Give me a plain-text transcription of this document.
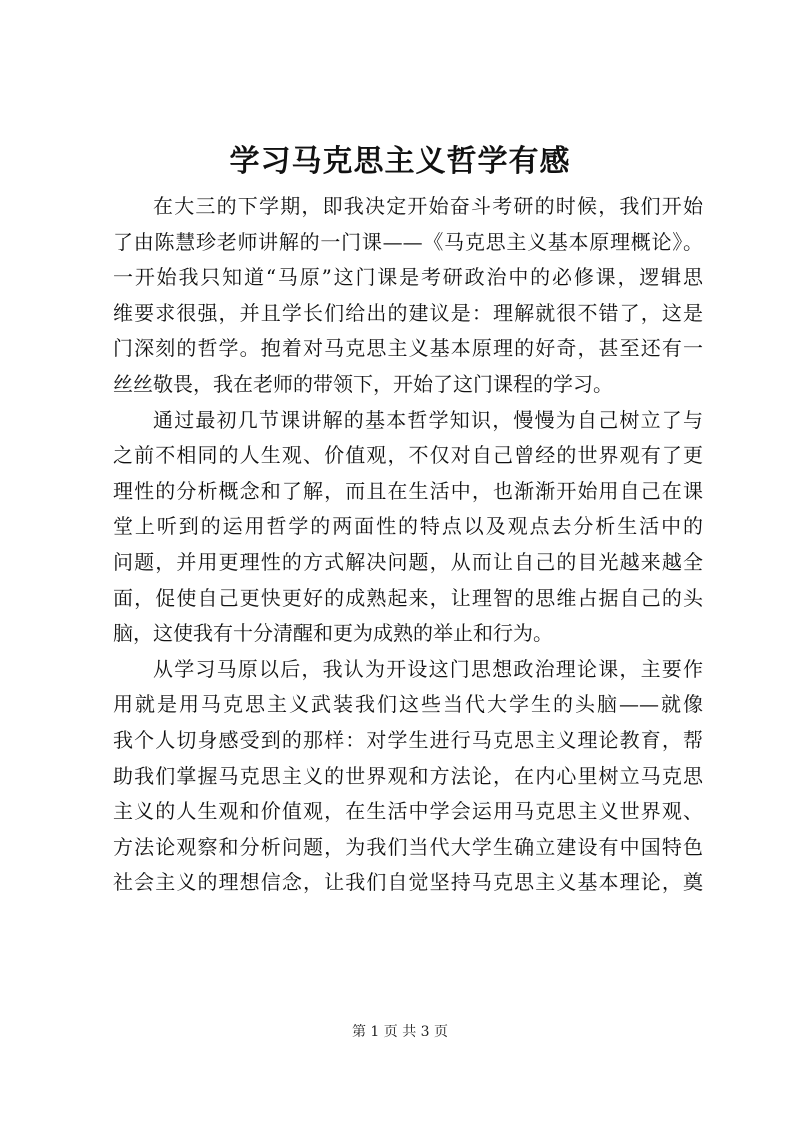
学习马克思主义哲学有感
在大三的下学期，即我决定开始奋斗考研的时候，我们开始
了由陈慧珍老师讲解的一门课——《马克思主义基本原理概论》。
一开始我只知道“马原”这门课是考研政治中的必修课，逻辑思
维要求很强，并且学长们给出的建议是：理解就很不错了，这是
门深刻的哲学。抱着对马克思主义基本原理的好奇，甚至还有一
丝丝敬畏，我在老师的带领下，开始了这门课程的学习。
通过最初几节课讲解的基本哲学知识，慢慢为自己树立了与
之前不相同的人生观、价值观，不仅对自己曾经的世界观有了更
理性的分析概念和了解，而且在生活中，也渐渐开始用自己在课
堂上听到的运用哲学的两面性的特点以及观点去分析生活中的
问题，并用更理性的方式解决问题，从而让自己的目光越来越全
面，促使自己更快更好的成熟起来，让理智的思维占据自己的头
脑，这使我有十分清醒和更为成熟的举止和行为。
从学习马原以后，我认为开设这门思想政治理论课，主要作
用就是用马克思主义武装我们这些当代大学生的头脑——就像
我个人切身感受到的那样：对学生进行马克思主义理论教育，帮
助我们掌握马克思主义的世界观和方法论，在内心里树立马克思
主义的人生观和价值观，在生活中学会运用马克思主义世界观、
方法论观察和分析问题，为我们当代大学生确立建设有中国特色
社会主义的理想信念，让我们自觉坚持马克思主义基本理论，奠
第 1 页 共 3 页
